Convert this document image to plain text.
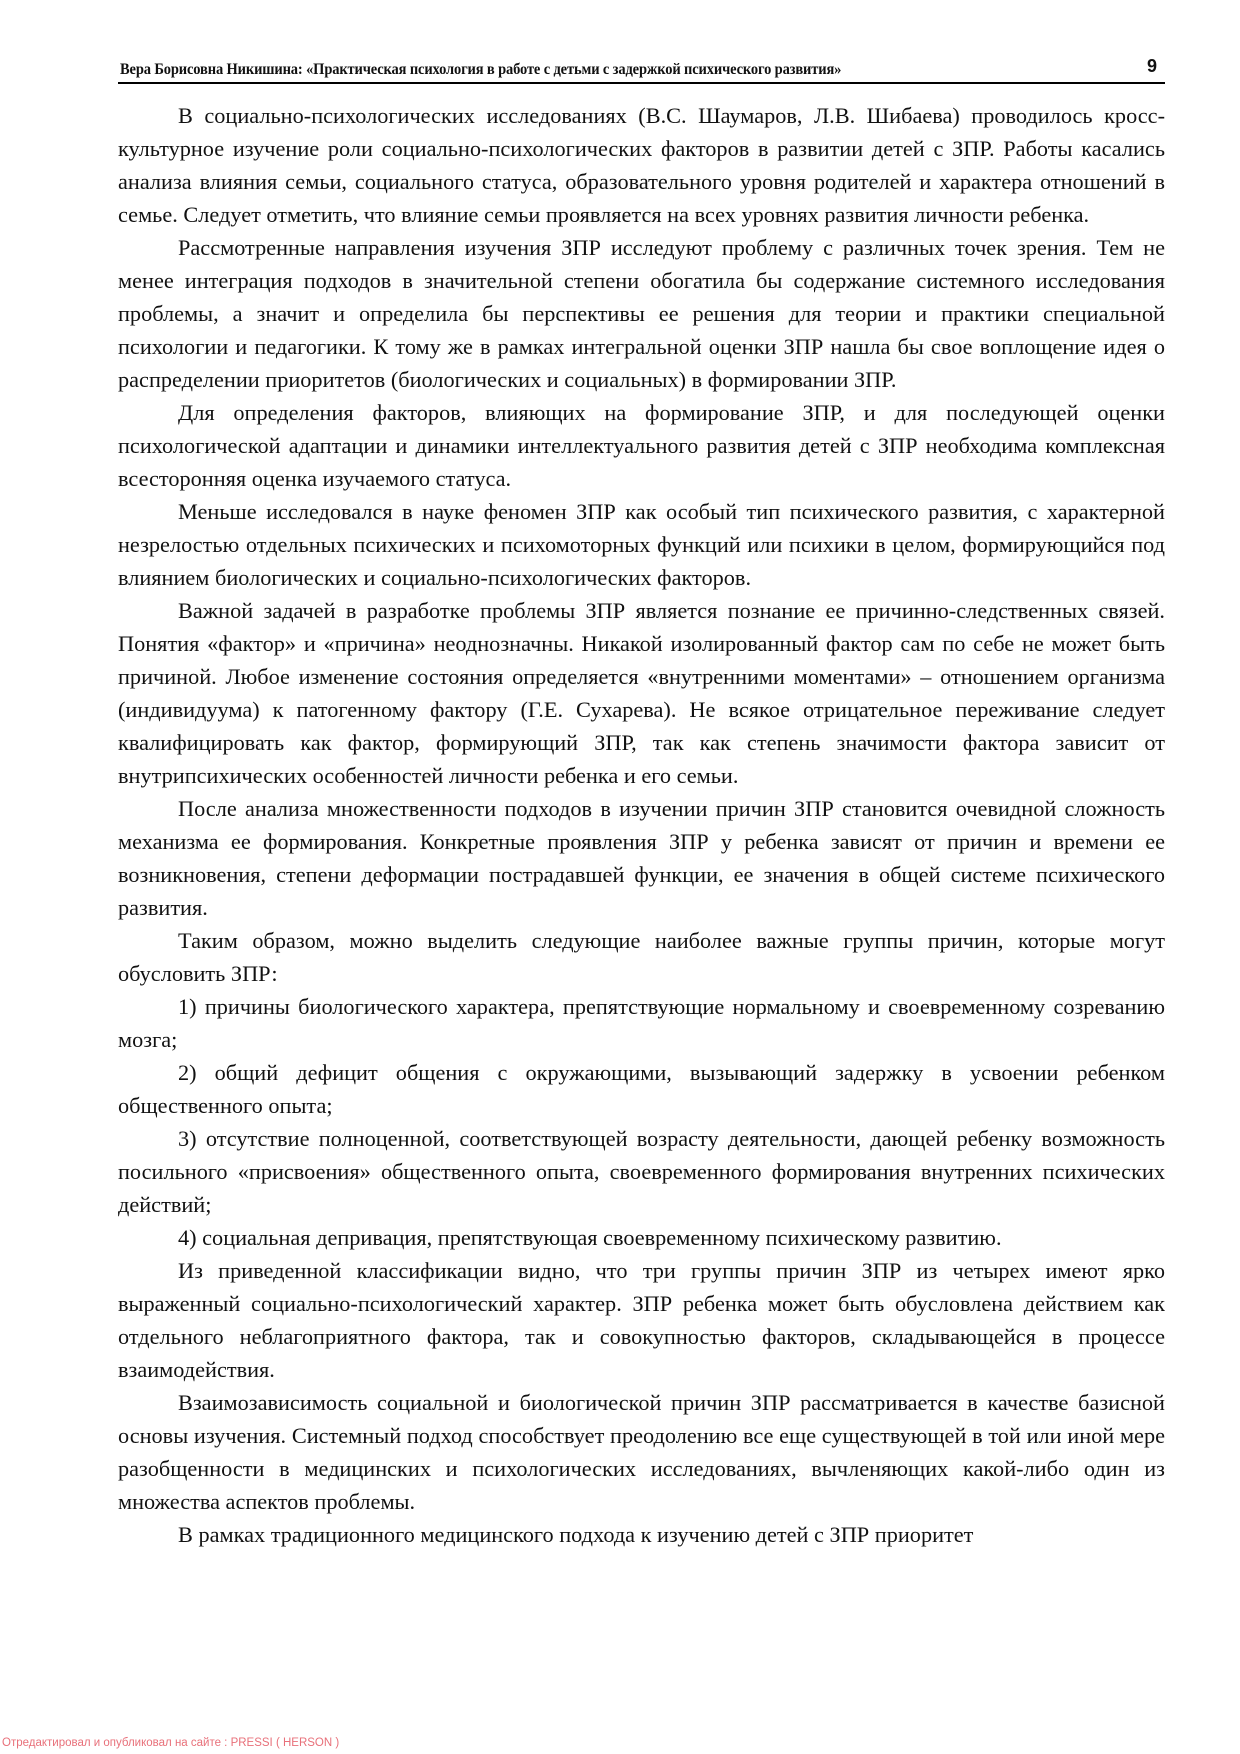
Вера Борисовна Никишина: «Практическая психология в работе с детьми с задержкой психического развития»	9

В социально-психологических исследованиях (В.С. Шаумаров, Л.В. Шибаева) проводилось кросс-культурное изучение роли социально-психологических факторов в развитии детей с ЗПР. Работы касались анализа влияния семьи, социального статуса, образовательного уровня родителей и характера отношений в семье. Следует отметить, что влияние семьи проявляется на всех уровнях развития личности ребенка.

Рассмотренные направления изучения ЗПР исследуют проблему с различных точек зрения. Тем не менее интеграция подходов в значительной степени обогатила бы содержание системного исследования проблемы, а значит и определила бы перспективы ее решения для теории и практики специальной психологии и педагогики. К тому же в рамках интегральной оценки ЗПР нашла бы свое воплощение идея о распределении приоритетов (биологических и социальных) в формировании ЗПР.

Для определения факторов, влияющих на формирование ЗПР, и для последующей оценки психологической адаптации и динамики интеллектуального развития детей с ЗПР необходима комплексная всесторонняя оценка изучаемого статуса.

Меньше исследовался в науке феномен ЗПР как особый тип психического развития, с характерной незрелостью отдельных психических и психомоторных функций или психики в целом, формирующийся под влиянием биологических и социально-психологических факторов.

Важной задачей в разработке проблемы ЗПР является познание ее причинно-следственных связей. Понятия «фактор» и «причина» неоднозначны. Никакой изолированный фактор сам по себе не может быть причиной. Любое изменение состояния определяется «внутренними моментами» – отношением организма (индивидуума) к патогенному фактору (Г.Е. Сухарева). Не всякое отрицательное переживание следует квалифицировать как фактор, формирующий ЗПР, так как степень значимости фактора зависит от внутрипсихических особенностей личности ребенка и его семьи.

После анализа множественности подходов в изучении причин ЗПР становится очевидной сложность механизма ее формирования. Конкретные проявления ЗПР у ребенка зависят от причин и времени ее возникновения, степени деформации пострадавшей функции, ее значения в общей системе психического развития.

Таким образом, можно выделить следующие наиболее важные группы причин, которые могут обусловить ЗПР:

1) причины биологического характера, препятствующие нормальному и своевременному созреванию мозга;

2) общий дефицит общения с окружающими, вызывающий задержку в усвоении ребенком общественного опыта;

3) отсутствие полноценной, соответствующей возрасту деятельности, дающей ребенку возможность посильного «присвоения» общественного опыта, своевременного формирования внутренних психических действий;

4) социальная депривация, препятствующая своевременному психическому развитию.

Из приведенной классификации видно, что три группы причин ЗПР из четырех имеют ярко выраженный социально-психологический характер. ЗПР ребенка может быть обусловлена действием как отдельного неблагоприятного фактора, так и совокупностью факторов, складывающейся в процессе взаимодействия.

Взаимозависимость социальной и биологической причин ЗПР рассматривается в качестве базисной основы изучения. Системный подход способствует преодолению все еще существующей в той или иной мере разобщенности в медицинских и психологических исследованиях, вычленяющих какой-либо один из множества аспектов проблемы.

В рамках традиционного медицинского подхода к изучению детей с ЗПР приоритет

Отредактировал и опубликовал на сайте : PRESSI ( HERSON )
